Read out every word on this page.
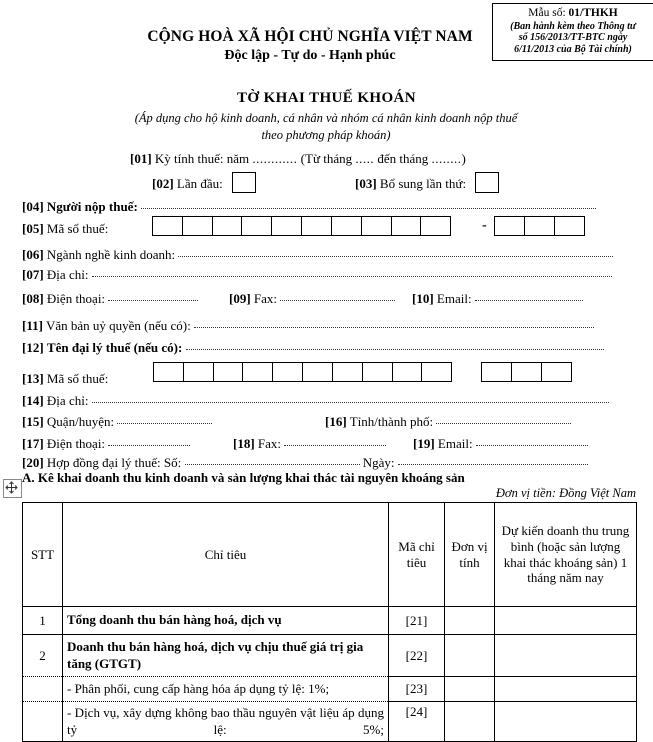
Mẫu số: 01/THKH
(Ban hành kèm theo Thông tư
số 156/2013/TT-BTC ngày
6/11/2013 của Bộ Tài chính)
CỘNG HOÀ XÃ HỘI CHỦ NGHĨA VIỆT NAM
Độc lập - Tự do - Hạnh phúc
TỜ KHAI THUẾ KHOÁN
(Áp dụng cho hộ kinh doanh, cá nhân và nhóm cá nhân kinh doanh nộp thuế
theo phương pháp khoán)
[01] Kỳ tính thuế: năm ............ (Từ tháng ..... đến tháng ........)
[02] Lần đầu:	[03] Bổ sung lần thứ:
[04] Người nộp thuế:
[05] Mã số thuế:	-
[06] Ngành nghề kinh doanh:
[07] Địa chỉ:
[08] Điện thoại:	[09] Fax:	[10] Email:
[11] Văn bản uỷ quyền (nếu có):
[12] Tên đại lý thuế (nếu có):
[13] Mã số thuế:
[14] Địa chỉ:
[15] Quận/huyện:	[16] Tỉnh/thành phố:
[17] Điện thoại:	[18] Fax:	[19] Email:
[20] Hợp đồng đại lý thuế: Số:	Ngày:
A. Kê khai doanh thu kinh doanh và sản lượng khai thác tài nguyên khoáng sản
Đơn vị tiền: Đồng Việt Nam
STT	Chỉ tiêu	Mã chỉ tiêu	Đơn vị tính	Dự kiến doanh thu trung bình (hoặc sản lượng khai thác khoáng sản) 1 tháng năm nay
1	Tổng doanh thu bán hàng hoá, dịch vụ	[21]		
2	Doanh thu bán hàng hoá, dịch vụ chịu thuế giá trị gia tăng (GTGT)	[22]		
	- Phân phối, cung cấp hàng hóa áp dụng tỷ lệ: 1%;	[23]		
	- Dịch vụ, xây dựng không bao thầu nguyên vật liệu áp dụng tỷ lệ: 5%;	[24]		
